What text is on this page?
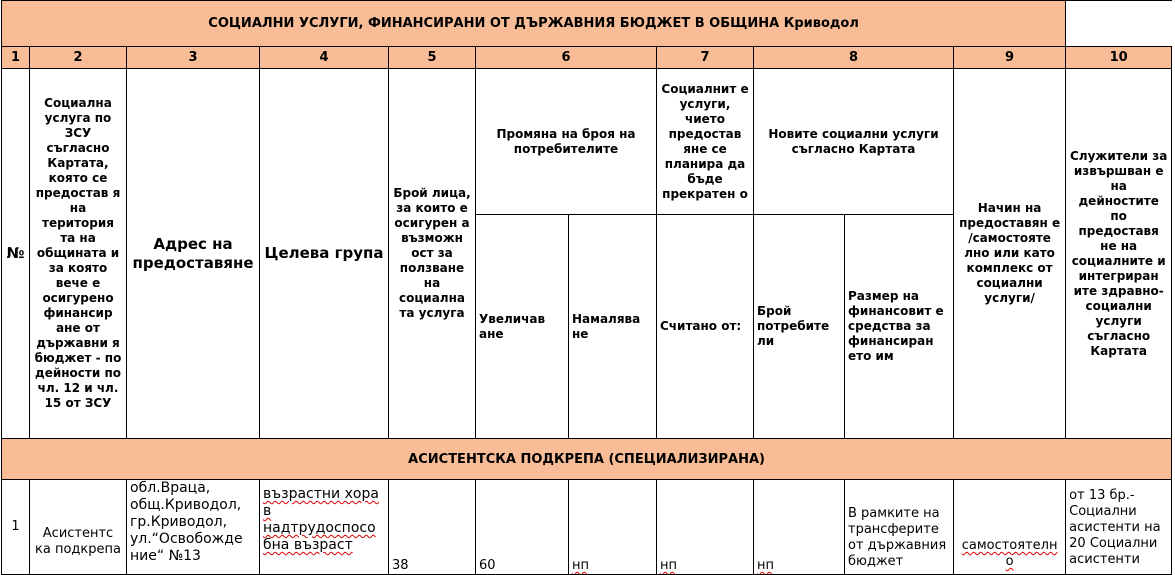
СОЦИАЛНИ УСЛУГИ, ФИНАНСИРАНИ ОТ ДЪРЖАВНИЯ БЮДЖЕТ В ОБЩИНА Криводол											
1	2	3	4	5	6		7	8		9	10
№	Социална услуга по ЗСУ съгласно Картата, която се предостав я на територия та на общината и за която вече е осигурено финансир ане от държавни я бюджет - по дейности по чл. 12 и чл. 15 от ЗСУ	Адрес на предоставяне	Целева група	Брой лица, за които е осигурен а възможн ост за ползване на социална та услуга	Промяна на броя на потребителите		Социалнит е услуги, чието предостав яне се планира да бъде прекратен о	Новите социални услуги съгласно Картата		Начин на предоставян е /самостояте лно или като комплекс от социални услуги/	Служители за извършван е на дейностите по предоставя не на социалните и интегриран ите здравно-социални услуги съгласно Картата
					Увеличав ане	Намалява не	Считано от:	Брой потребите ли	Размер на финансовит е средства за финансиран ето им		
АСИСТЕНТСКА ПОДКРЕПА (СПЕЦИАЛИЗИРАНА)											
1	Асистентс ка подкрепа	обл.Враца, общ.Криводол, гр.Криводол, ул.“Освобожде ние“ №13	възрастни хора в надтрудоспосо бна възраст	38	60	нп	нп	нп	В рамките на трансферите от държавния бюджет	самостоятелн о	от 13 бр.- Социални асистенти на 20 Социални асистенти
